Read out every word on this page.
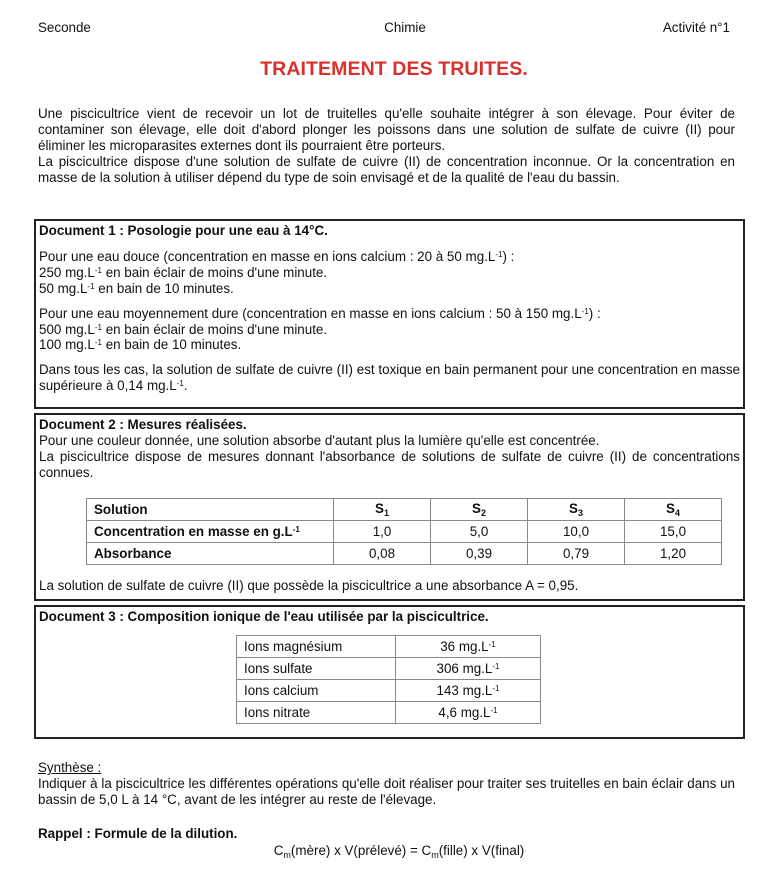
Seconde	Chimie	Activité n°1
TRAITEMENT DES TRUITES.

Une piscicultrice vient de recevoir un lot de truitelles qu'elle souhaite intégrer à son élevage. Pour éviter de contaminer son élevage, elle doit d'abord plonger les poissons dans une solution de sulfate de cuivre (II) pour éliminer les microparasites externes dont ils pourraient être porteurs.

La piscicultrice dispose d'une solution de sulfate de cuivre (II) de concentration inconnue. Or la concentration en masse de la solution à utiliser dépend du type de soin envisagé et de la qualité de l'eau du bassin.

Document 1 : Posologie pour une eau à 14°C.

Pour une eau douce (concentration en masse en ions calcium : 20 à 50 $mg.L^{-1}$) :

250 $mg.L^{-1}$ en bain éclair de moins d'une minute.

50 $mg.L^{-1}$ en bain de 10 minutes.

Pour une eau moyennement dure (concentration en masse en ions calcium : 50 à 150 $mg.L^{-1}$) :

500 $mg.L^{-1}$ en bain éclair de moins d'une minute.

100 $mg.L^{-1}$ en bain de 10 minutes.

Dans tous les cas, la solution de sulfate de cuivre (II) est toxique en bain permanent pour une concentration en masse supérieure à 0,14 $mg.L^{-1}$.

Document 2 : Mesures réalisées.

Pour une couleur donnée, une solution absorbe d'autant plus la lumière qu'elle est concentrée.

La piscicultrice dispose de mesures donnant l'absorbance de solutions de sulfate de cuivre (II) de concentrations connues.

Solution	$S_1$	$S_2$	$S_3$	$S_4$
Concentration en masse en $g.L^{-1}$	1,0	5,0	10,0	15,0
Absorbance	0,08	0,39	0,79	1,20
La solution de sulfate de cuivre (II) que possède la piscicultrice a une absorbance A = 0,95.
Document 3 : Composition ionique de l'eau utilisée par la piscicultrice.
Ions magnésium	36 $mg.L^{-1}$
Ions sulfate	306 $mg.L^{-1}$
Ions calcium	143 $mg.L^{-1}$
Ions nitrate	4,6 $mg.L^{-1}$
Synthèse :
Indiquer à la piscicultrice les différentes opérations qu'elle doit réaliser pour traiter ses truitelles en bain éclair dans un bassin de 5,0 L à 14 °C, avant de les intégrer au reste de l'élevage.
Rappel : Formule de la dilution.
$C_m(mère)$ x V(prélevé) = $C_m(fille)$ x V(final)
